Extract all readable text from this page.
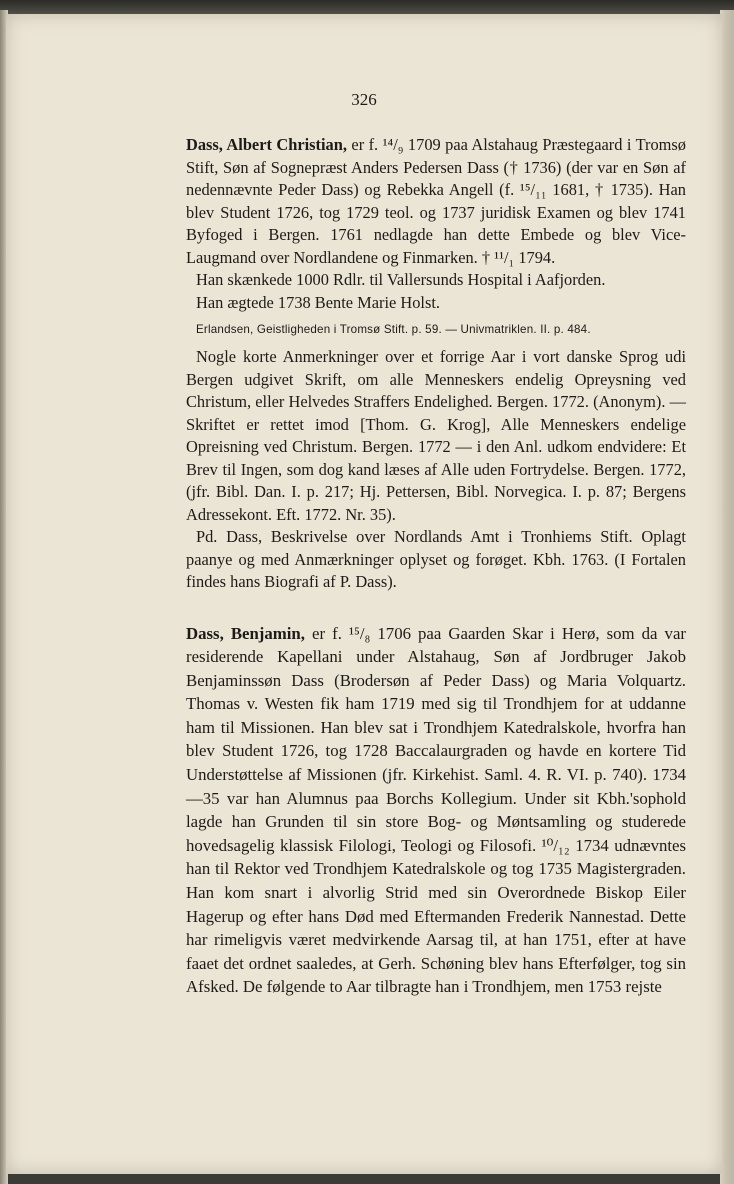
326

Dass, Albert Christian, er f. ¹⁴/₉ 1709 paa Alstahaug Præstegaard i Tromsø Stift, Søn af Sognepræst Anders Pedersen Dass († 1736) (der var en Søn af nedennævnte Peder Dass) og Rebekka Angell (f. ¹⁵/₁₁ 1681, † 1735). Han blev Student 1726, tog 1729 teol. og 1737 juridisk Examen og blev 1741 Byfoged i Bergen. 1761 nedlagde han dette Embede og blev Vice-Laugmand over Nordlandene og Finmarken. † ¹¹/₁ 1794.

Han skænkede 1000 Rdlr. til Vallersunds Hospital i Aafjorden.

Han ægtede 1738 Bente Marie Holst.

Erlandsen, Geistligheden i Tromsø Stift. p. 59. — Univmatriklen. II. p. 484.

Nogle korte Anmerkninger over et forrige Aar i vort danske Sprog udi Bergen udgivet Skrift, om alle Menneskers endelig Opreysning ved Christum, eller Helvedes Straffers Endelighed. Bergen. 1772. (Anonym). — Skriftet er rettet imod [Thom. G. Krog], Alle Menneskers endelige Opreisning ved Christum. Bergen. 1772 — i den Anl. udkom endvidere: Et Brev til Ingen, som dog kand læses af Alle uden Fortrydelse. Bergen. 1772, (jfr. Bibl. Dan. I. p. 217; Hj. Pettersen, Bibl. Norvegica. I. p. 87; Bergens Adressekont. Eft. 1772. Nr. 35).

Pd. Dass, Beskrivelse over Nordlands Amt i Tronhiems Stift. Oplagt paanye og med Anmærkninger oplyset og forøget. Kbh. 1763. (I Fortalen findes hans Biografi af P. Dass).

Dass, Benjamin, er f. ¹⁵/₈ 1706 paa Gaarden Skar i Herø, som da var residerende Kapellani under Alstahaug, Søn af Jordbruger Jakob Benjaminssøn Dass (Brodersøn af Peder Dass) og Maria Volquartz. Thomas v. Westen fik ham 1719 med sig til Trondhjem for at uddanne ham til Missionen. Han blev sat i Trondhjem Katedralskole, hvorfra han blev Student 1726, tog 1728 Baccalaurgraden og havde en kortere Tid Understøttelse af Missionen (jfr. Kirkehist. Saml. 4. R. VI. p. 740). 1734—35 var han Alumnus paa Borchs Kollegium. Under sit Kbh.'sophold lagde han Grunden til sin store Bog- og Møntsamling og studerede hovedsagelig klassisk Filologi, Teologi og Filosofi. ¹⁰/₁₂ 1734 udnævntes han til Rektor ved Trondhjem Katedralskole og tog 1735 Magistergraden. Han kom snart i alvorlig Strid med sin Overordnede Biskop Eiler Hagerup og efter hans Død med Eftermanden Frederik Nannestad. Dette har rimeligvis været medvirkende Aarsag til, at han 1751, efter at have faaet det ordnet saaledes, at Gerh. Schøning blev hans Efterfølger, tog sin Afsked. De følgende to Aar tilbragte han i Trondhjem, men 1753 rejste
